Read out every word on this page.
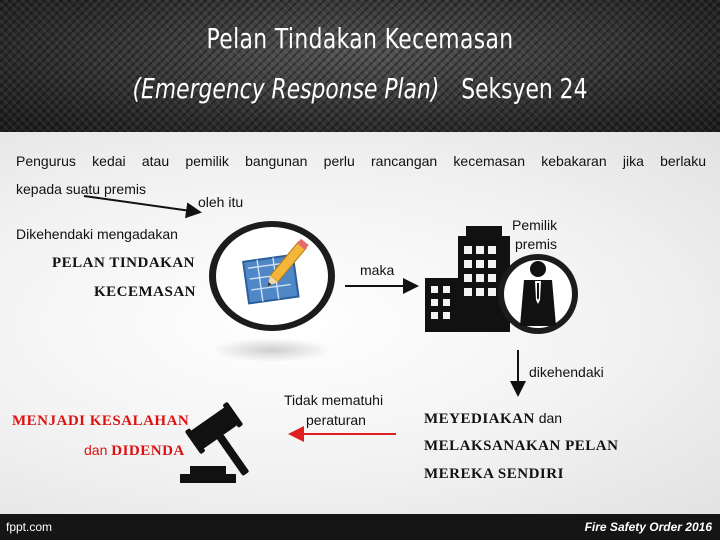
Pelan Tindakan Kecemasan
(Emergency Response Plan) Seksyen 24
Pengurus kedai atau pemilik bangunan perlu rancangan kecemasan kebakaran jika berlaku
kepada suatu premis
oleh itu
Dikehendaki mengadakan
PELAN TINDAKAN
KECEMASAN
maka
Pemilik
premis
dikehendaki
MEYEDIAKAN dan
MELAKSANAKAN PELAN
MEREKA SENDIRI
Tidak mematuhi
peraturan
MENJADI KESALAHAN
dan DIDENDA
fppt.com	Fire Safety Order 2016
